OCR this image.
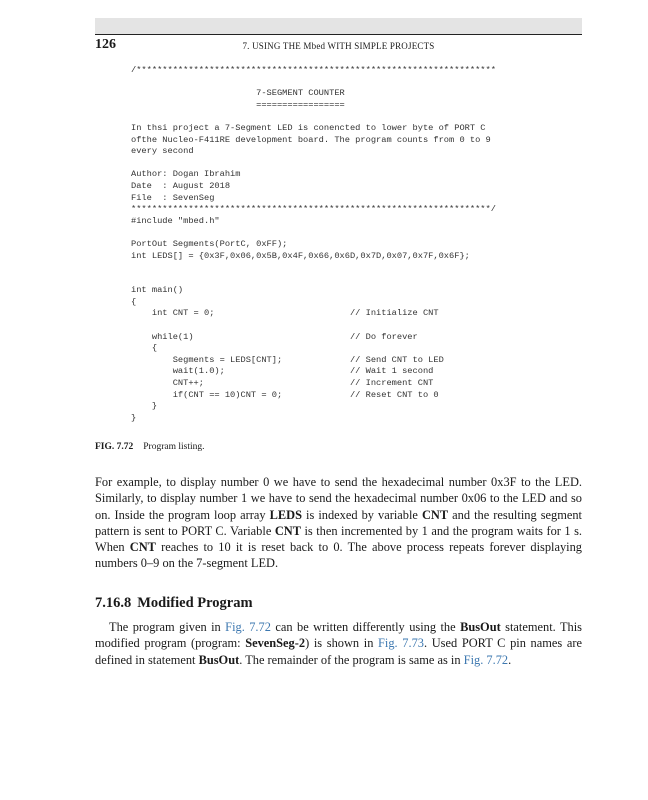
126	7. USING THE Mbed WITH SIMPLE PROJECTS
/*********************************************************************
7-SEGMENT COUNTER
=================
In thsi project a 7-Segment LED is conencted to lower byte of PORT C
ofthe Nucleo-F411RE development board. The program counts from 0 to 9
every second
Author: Dogan Ibrahim
Date  : August 2018
File  : SevenSeg
*********************************************************************/
#include "mbed.h"
PortOut Segments(PortC, 0xFF);
int LEDS[] = {0x3F,0x06,0x5B,0x4F,0x66,0x6D,0x7D,0x07,0x7F,0x6F};
int main()
{
int CNT = 0;                          // Initialize CNT
while(1)                              // Do forever
{
Segments = LEDS[CNT];             // Send CNT to LED
wait(1.0);                        // Wait 1 second
CNT++;                            // Increment CNT
if(CNT == 10)CNT = 0;             // Reset CNT to 0
}
}
FIG. 7.72 Program listing.

For example, to display number 0 we have to send the hexadecimal number 0x3F to the LED. Similarly, to display number 1 we have to send the hexadecimal number 0x06 to the LED and so on. Inside the program loop array LEDS is indexed by variable CNT and the resulting segment pattern is sent to PORT C. Variable CNT is then incremented by 1 and the program waits for 1 s. When CNT reaches to 10 it is reset back to 0. The above process repeats forever displaying numbers 0–9 on the 7-segment LED.

7.16.8 Modified Program

The program given in Fig. 7.72 can be written differently using the BusOut statement. This modified program (program: SevenSeg-2) is shown in Fig. 7.73. Used PORT C pin names are defined in statement BusOut. The remainder of the program is same as in Fig. 7.72.
